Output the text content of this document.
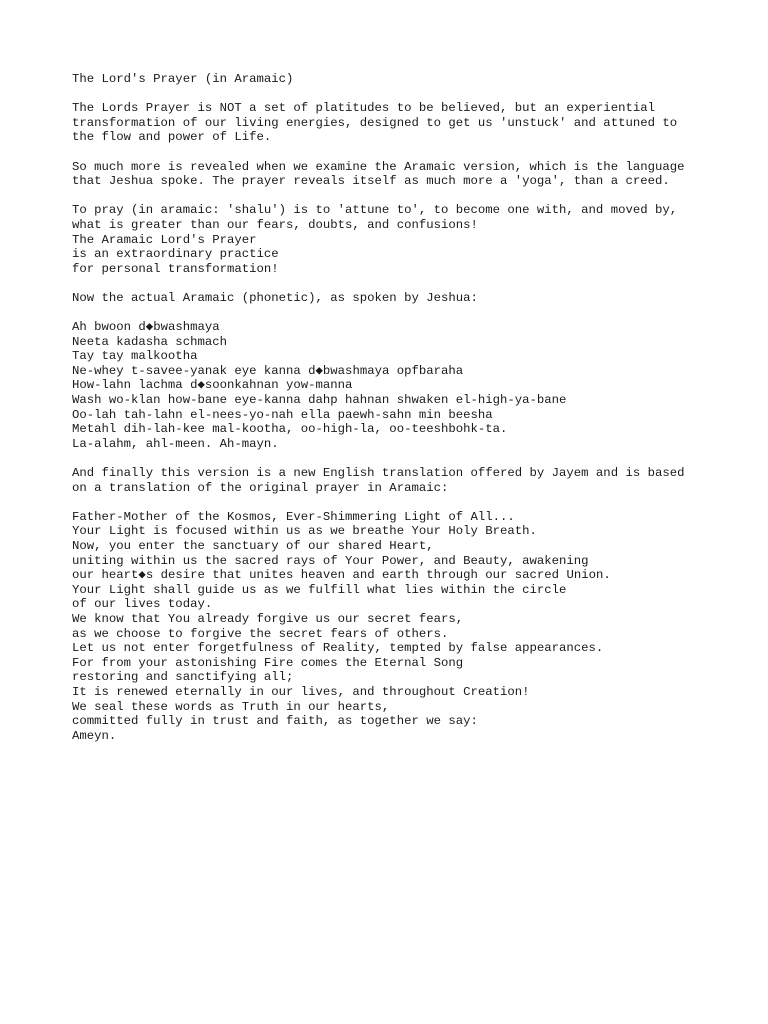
The Lord's Prayer (in Aramaic)
The Lords Prayer is NOT a set of platitudes to be believed, but an experiential
transformation of our living energies, designed to get us 'unstuck' and attuned to
the flow and power of Life.
So much more is revealed when we examine the Aramaic version, which is the language
that Jeshua spoke. The prayer reveals itself as much more a 'yoga', than a creed.
To pray (in aramaic: 'shalu') is to 'attune to', to become one with, and moved by,
what is greater than our fears, doubts, and confusions!
The Aramaic Lord's Prayer
is an extraordinary practice
for personal transformation!
Now the actual Aramaic (phonetic), as spoken by Jeshua:
Ah bwoon d◆bwashmaya
Neeta kadasha schmach
Tay tay malkootha
Ne-whey t-savee-yanak eye kanna d◆bwashmaya opfbaraha
How-lahn lachma d◆soonkahnan yow-manna
Wash wo-klan how-bane eye-kanna dahp hahnan shwaken el-high-ya-bane
Oo-lah tah-lahn el-nees-yo-nah ella paewh-sahn min beesha
Metahl dih-lah-kee mal-kootha, oo-high-la, oo-teeshbohk-ta.
La-alahm, ahl-meen. Ah-mayn.
And finally this version is a new English translation offered by Jayem and is based
on a translation of the original prayer in Aramaic:
Father-Mother of the Kosmos, Ever-Shimmering Light of All...
Your Light is focused within us as we breathe Your Holy Breath.
Now, you enter the sanctuary of our shared Heart,
uniting within us the sacred rays of Your Power, and Beauty, awakening
our heart◆s desire that unites heaven and earth through our sacred Union.
Your Light shall guide us as we fulfill what lies within the circle
of our lives today.
We know that You already forgive us our secret fears,
as we choose to forgive the secret fears of others.
Let us not enter forgetfulness of Reality, tempted by false appearances.
For from your astonishing Fire comes the Eternal Song
restoring and sanctifying all;
It is renewed eternally in our lives, and throughout Creation!
We seal these words as Truth in our hearts,
committed fully in trust and faith, as together we say:
Ameyn.
